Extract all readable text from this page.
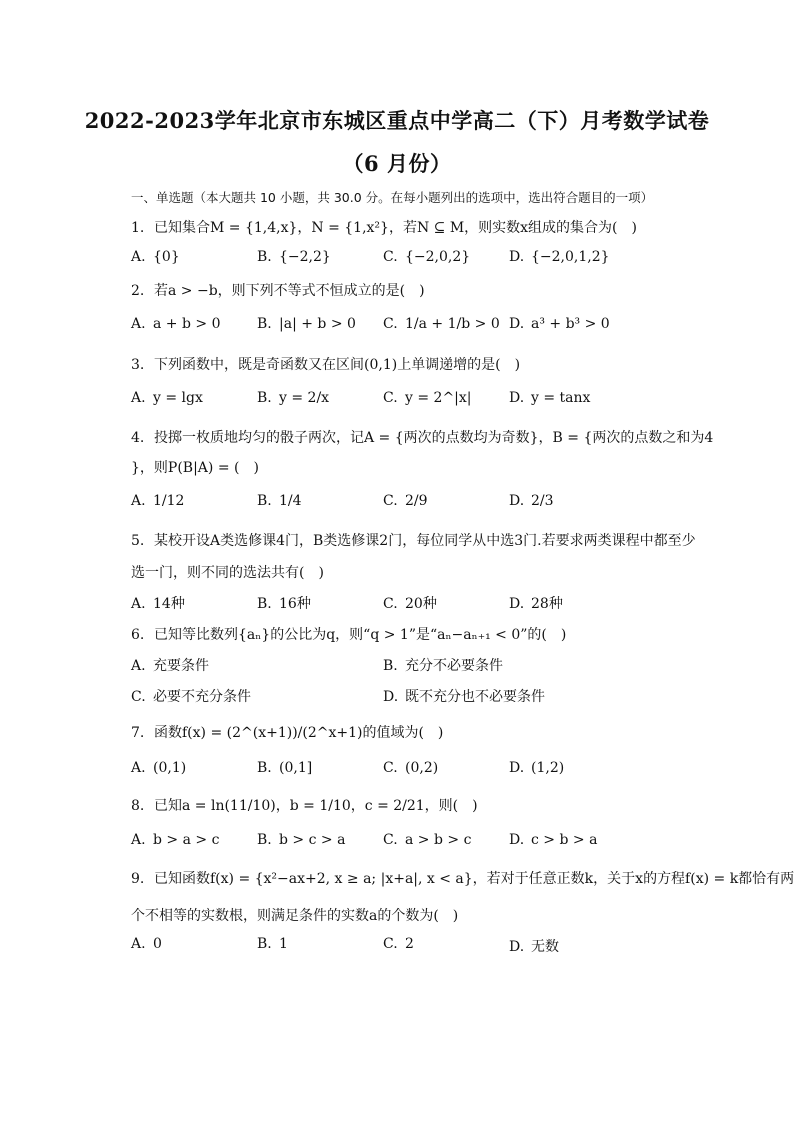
2022-2023学年北京市东城区重点中学高二（下）月考数学试卷
（6 月份）
一、单选题（本大题共 10 小题，共 30.0 分。在每小题列出的选项中，选出符合题目的一项）
1. 已知集合M = {1,4,x}，N = {1,x²}，若N ⊆ M，则实数x组成的集合为(　)
A. {0}	B. {−2,2}	C. {−2,0,2}	D. {−2,0,1,2}
2. 若a > −b，则下列不等式不恒成立的是(　)
A. a + b > 0	B. |a| + b > 0 C. 1/a + 1/b > 0 D. a³ + b³ > 0
3. 下列函数中，既是奇函数又在区间(0,1)上单调递增的是(　)
A. y = lgx	B. y = 2/x	C. y = 2^|x|	D. y = tanx
4. 投掷一枚质地均匀的骰子两次，记A = {两次的点数均为奇数}，B = {两次的点数之和为4
}，则P(B|A) = (　)
A. 1/12	B. 1/4	C. 2/9	D. 2/3
5. 某校开设A类选修课4门，B类选修课2门，每位同学从中选3门.若要求两类课程中都至少
选一门，则不同的选法共有(　)
A. 14种	B. 16种	C. 20种	D. 28种
6. 已知等比数列{aₙ}的公比为q，则“q > 1”是“aₙ−aₙ₊₁ < 0”的(　)
A. 充要条件	B. 充分不必要条件
C. 必要不充分条件	D. 既不充分也不必要条件
7. 函数f(x) = (2^(x+1))/(2^x+1)的值域为(　)
A. (0,1)	B. (0,1]	C. (0,2)	D. (1,2)
8. 已知a = ln(11/10)，b = 1/10，c = 2/21，则(　)
A. b > a > c	B. b > c > a	C. a > b > c	D. c > b > a
9. 已知函数f(x) = {x²−ax+2, x ≥ a; |x+a|, x < a}，若对于任意正数k，关于x的方程f(x) = k都恰有两
个不相等的实数根，则满足条件的实数a的个数为(　)
A. 0	B. 1	C. 2	D. 无数
